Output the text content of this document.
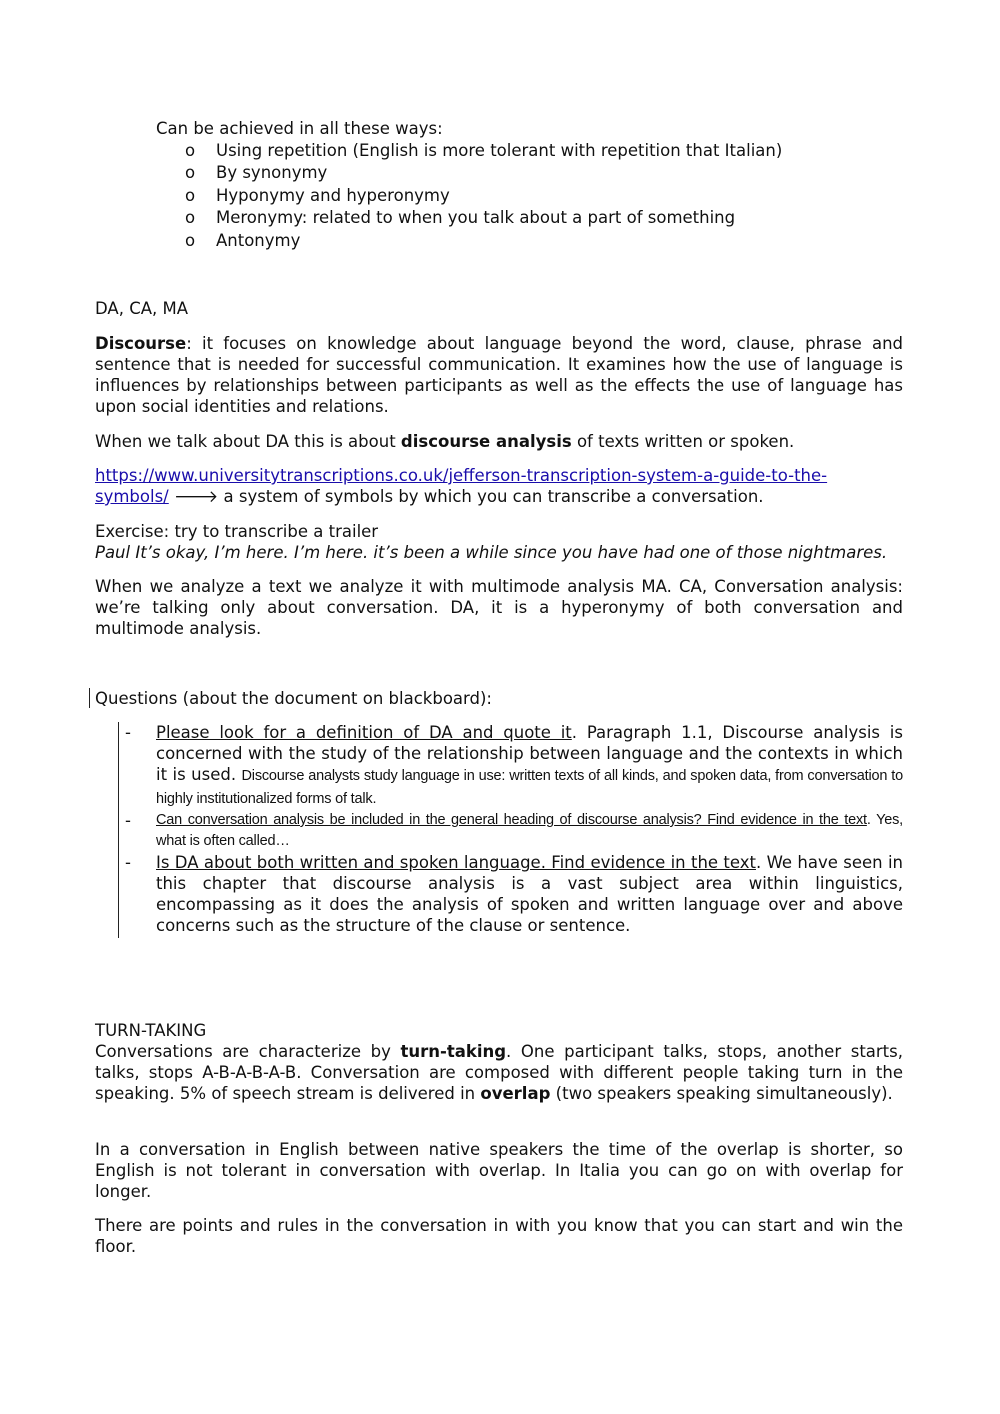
Can be achieved in all these ways:

o	Using repetition (English is more tolerant with repetition that Italian)
o	By synonymy
o	Hyponymy and hyperonymy
o	Meronymy: related to when you talk about a part of something
o	Antonymy

DA, CA, MA

Discourse: it focuses on knowledge about language beyond the word, clause, phrase and sentence that is needed for successful communication. It examines how the use of language is influences by relationships between participants as well as the effects the use of language has upon social identities and relations.

When we talk about DA this is about discourse analysis of texts written or spoken.

https://www.universitytranscriptions.co.uk/jefferson-transcription-system-a-guide-to-the-symbols/ 🡒 a system of symbols by which you can transcribe a conversation.

Exercise: try to transcribe a trailer
Paul It’s okay, I’m here. I’m here. it’s been a while since you have had one of those nightmares.

When we analyze a text we analyze it with multimode analysis MA. CA, Conversation analysis: we’re talking only about conversation. DA, it is a hyperonymy of both conversation and multimode analysis.

Questions (about the document on blackboard):

-	Please look for a definition of DA and quote it. Paragraph 1.1, Discourse analysis is concerned with the study of the relationship between language and the contexts in which it is used. Discourse analysts study language in use: written texts of all kinds, and spoken data, from conversation to highly institutionalized forms of talk.
-	Can conversation analysis be included in the general heading of discourse analysis? Find evidence in the text. Yes, what is often called…
-	Is DA about both written and spoken language. Find evidence in the text. We have seen in this chapter that discourse analysis is a vast subject area within linguistics, encompassing as it does the analysis of spoken and written language over and above concerns such as the structure of the clause or sentence.

TURN-TAKING

Conversations are characterize by turn-taking. One participant talks, stops, another starts, talks, stops A-B-A-B-A-B. Conversation are composed with different people taking turn in the speaking. 5% of speech stream is delivered in overlap (two speakers speaking simultaneously).

In a conversation in English between native speakers the time of the overlap is shorter, so English is not tolerant in conversation with overlap. In Italia you can go on with overlap for longer.

There are points and rules in the conversation in with you know that you can start and win the floor.
